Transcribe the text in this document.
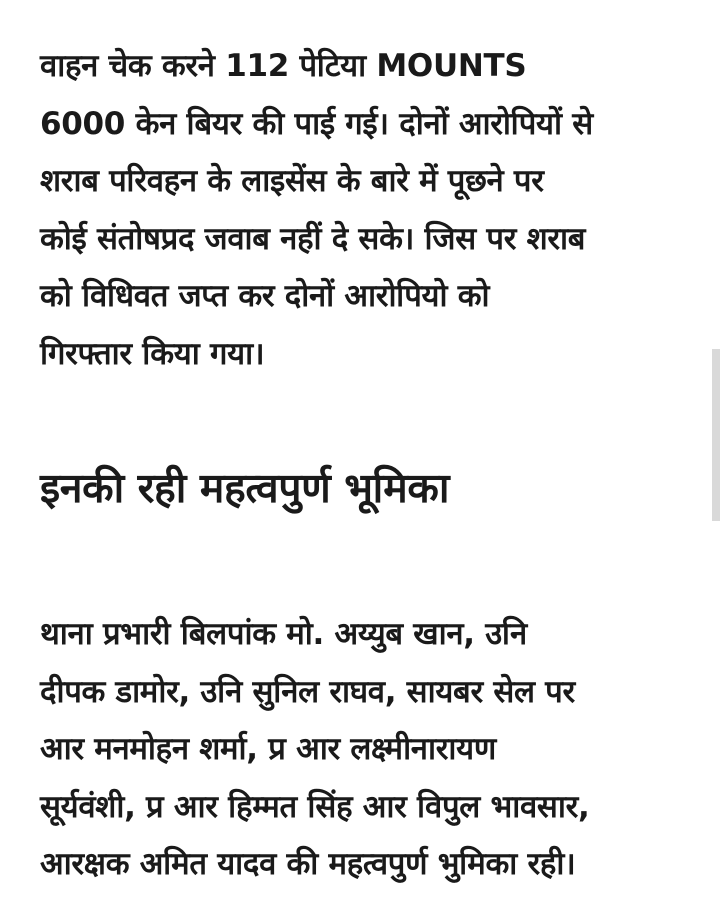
वाहन चेक करने 112 पेटिया MOUNTS
6000 केन बियर की पाई गई। दोनों आरोपियों से
शराब परिवहन के लाइसेंस के बारे में पूछने पर
कोई संतोषप्रद जवाब नहीं दे सके। जिस पर शराब
को विधिवत जप्त कर दोनों आरोपियो को
गिरफ्तार किया गया।

इनकी रही महत्वपुर्ण भूमिका

थाना प्रभारी बिलपांक मो. अय्युब खान, उनि
दीपक डामोर, उनि सुनिल राघव, सायबर सेल पर
आर मनमोहन शर्मा, प्र आर लक्ष्मीनारायण
सूर्यवंशी, प्र आर हिम्मत सिंह आर विपुल भावसार,
आरक्षक अमित यादव की महत्वपुर्ण भुमिका रही।
